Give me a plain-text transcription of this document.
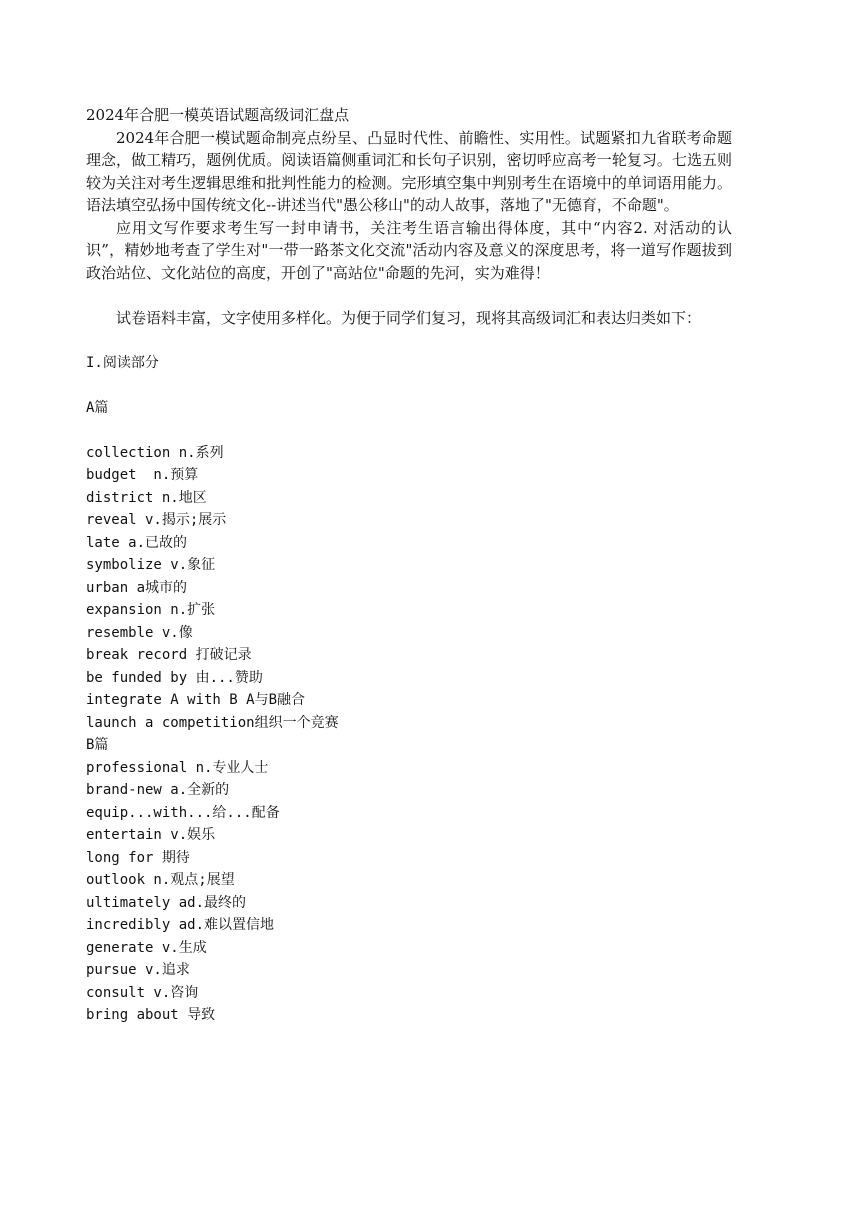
2024年合肥一模英语试题高级词汇盘点

2024年合肥一模试题命制亮点纷呈、凸显时代性、前瞻性、实用性。试题紧扣九省联考命题理念，做工精巧，题例优质。阅读语篇侧重词汇和长句子识别，密切呼应高考一轮复习。七选五则较为关注对考生逻辑思维和批判性能力的检测。完形填空集中判别考生在语境中的单词语用能力。语法填空弘扬中国传统文化--讲述当代"愚公移山"的动人故事，落地了"无德育，不命题"。

应用文写作要求考生写一封申请书，关注考生语言输出得体度，其中“内容2. 对活动的认识”，精妙地考查了学生对"一带一路茶文化交流"活动内容及意义的深度思考，将一道写作题拔到政治站位、文化站位的高度，开创了"高站位"命题的先河，实为难得！

试卷语料丰富，文字使用多样化。为便于同学们复习，现将其高级词汇和表达归类如下：

I.阅读部分
A篇
collection n.系列
budget  n.预算
district n.地区
reveal v.揭示;展示
late a.已故的
symbolize v.象征
urban a城市的
expansion n.扩张
resemble v.像
break record 打破记录
be funded by 由...赞助
integrate A with B A与B融合
launch a competition组织一个竞赛
B篇
professional n.专业人士
brand-new a.全新的
equip...with...给...配备
entertain v.娱乐
long for 期待
outlook n.观点;展望
ultimately ad.最终的
incredibly ad.难以置信地
generate v.生成
pursue v.追求
consult v.咨询
bring about 导致
